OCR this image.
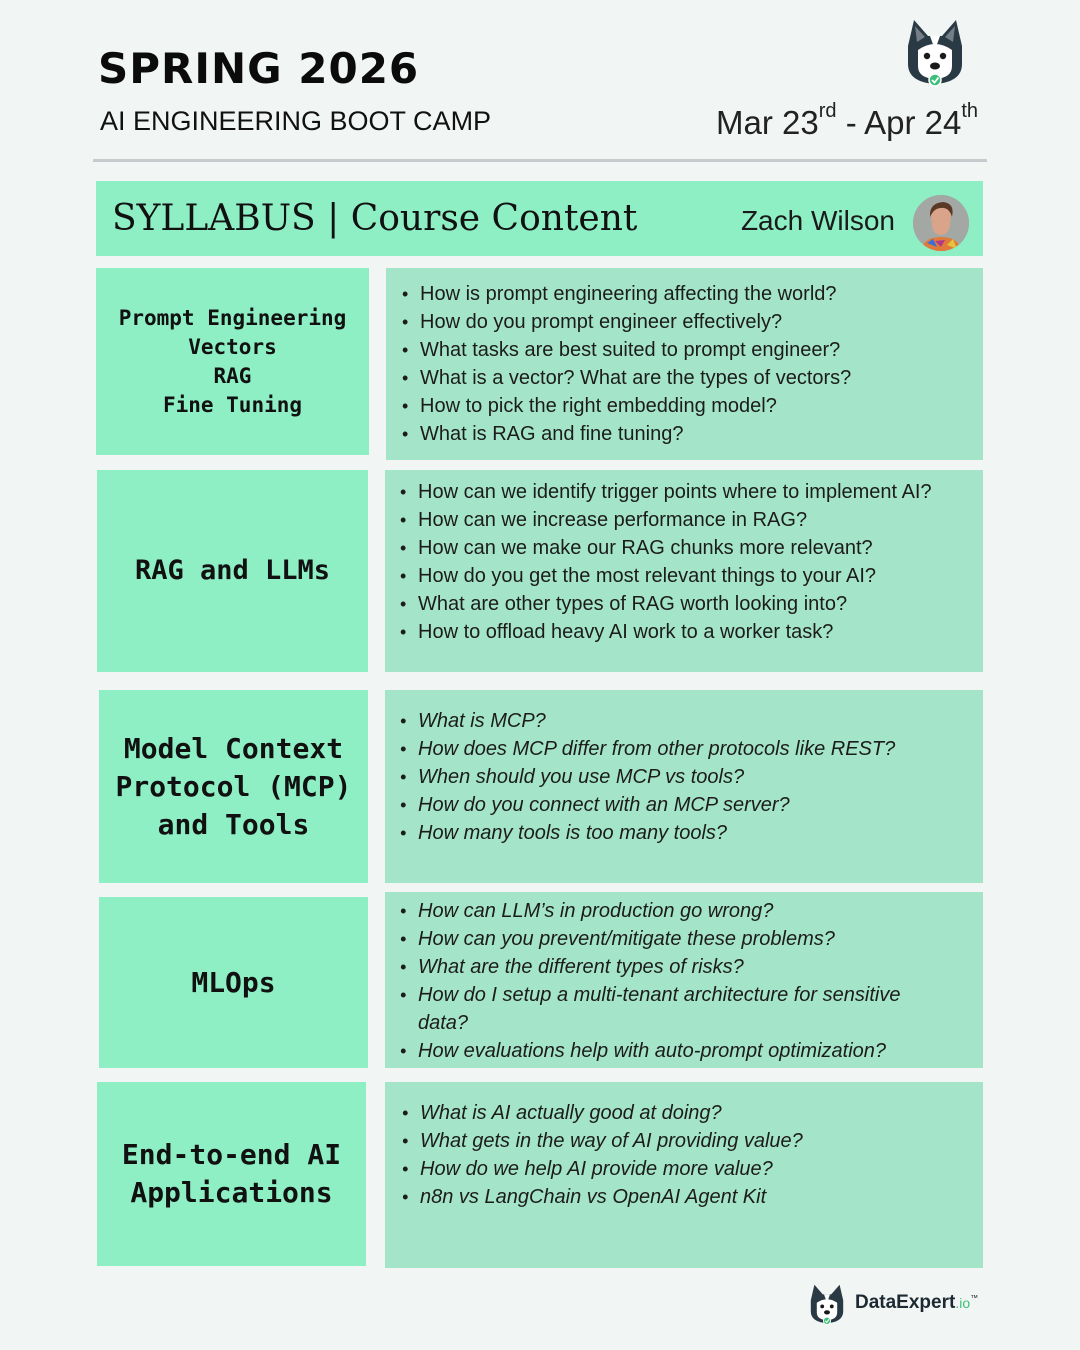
SPRING 2026
AI ENGINEERING BOOT CAMP	Mar 23rd - Apr 24th
SYLLABUS | Course Content	Zach Wilson
Prompt Engineering
Vectors
RAG
Fine Tuning
• How is prompt engineering affecting the world?
• How do you prompt engineer effectively?
• What tasks are best suited to prompt engineer?
• What is a vector? What are the types of vectors?
• How to pick the right embedding model?
• What is RAG and fine tuning?
RAG and LLMs
• How can we identify trigger points where to implement AI?
• How can we increase performance in RAG?
• How can we make our RAG chunks more relevant?
• How do you get the most relevant things to your AI?
• What are other types of RAG worth looking into?
• How to offload heavy AI work to a worker task?
Model Context
Protocol (MCP)
and Tools
• What is MCP?
• How does MCP differ from other protocols like REST?
• When should you use MCP vs tools?
• How do you connect with an MCP server?
• How many tools is too many tools?
MLOps
• How can LLM’s in production go wrong?
• How can you prevent/mitigate these problems?
• What are the different types of risks?
• How do I setup a multi-tenant architecture for sensitive data?
• How evaluations help with auto-prompt optimization?
End-to-end AI
Applications
• What is AI actually good at doing?
• What gets in the way of AI providing value?
• How do we help AI provide more value?
• n8n vs LangChain vs OpenAI Agent Kit
DataExpert.io™
